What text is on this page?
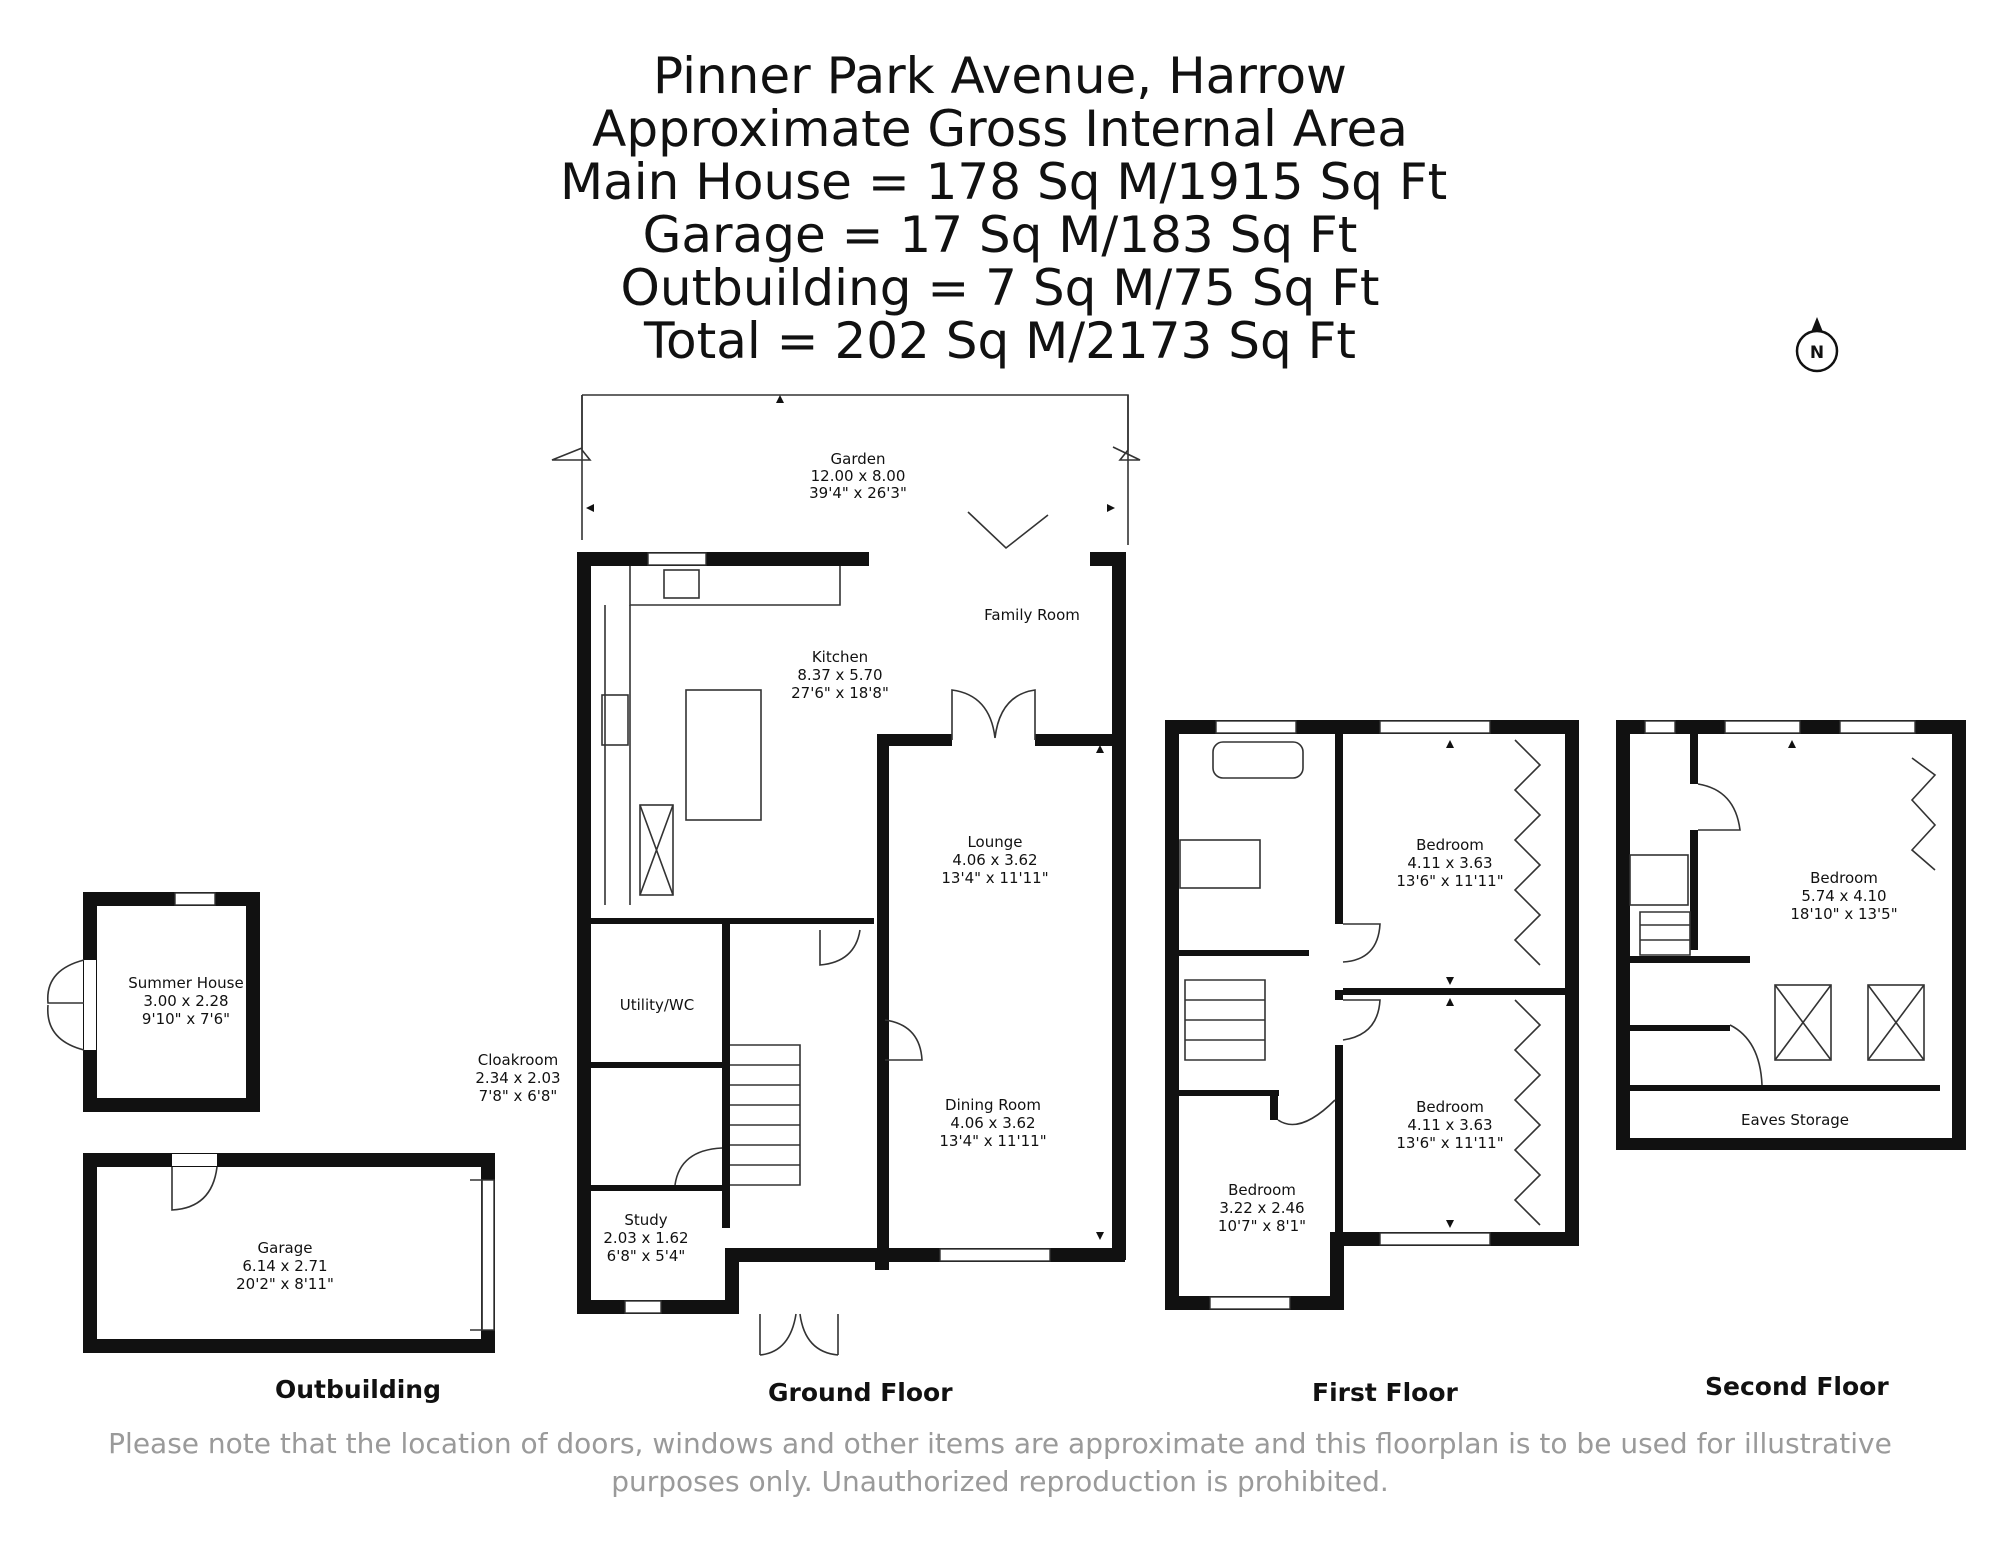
Pinner Park Avenue, Harrow
Approximate Gross Internal Area
Main House = 178 Sq M/1915 Sq Ft
Garage = 17 Sq M/183 Sq Ft
Outbuilding = 7 Sq M/75 Sq Ft
Total = 202 Sq M/2173 Sq Ft	N
Garden
12.00 x 8.00
39'4" x 26'3"
Family Room
Kitchen
8.37 x 5.70
27'6" x 18'8"
Lounge
4.06 x 3.62
13'4" x 11'11"
Dining Room
4.06 x 3.62
13'4" x 11'11"
Utility/WC
Cloakroom
2.34 x 2.03
7'8" x 6'8"
Study
2.03 x 1.62
6'8" x 5'4"
Summer House
3.00 x 2.28
9'10" x 7'6"
Garage
6.14 x 2.71
20'2" x 8'11"
Bedroom
4.11 x 3.63
13'6" x 11'11"
Bedroom
4.11 x 3.63
13'6" x 11'11"
Bedroom
3.22 x 2.46
10'7" x 8'1"
Bedroom
5.74 x 4.10
18'10" x 13'5"
Eaves Storage
Outbuilding	Ground Floor	First Floor	Second Floor
Please note that the location of doors, windows and other items are approximate and this floorplan is to be used for illustrative purposes only. Unauthorized reproduction is prohibited.
